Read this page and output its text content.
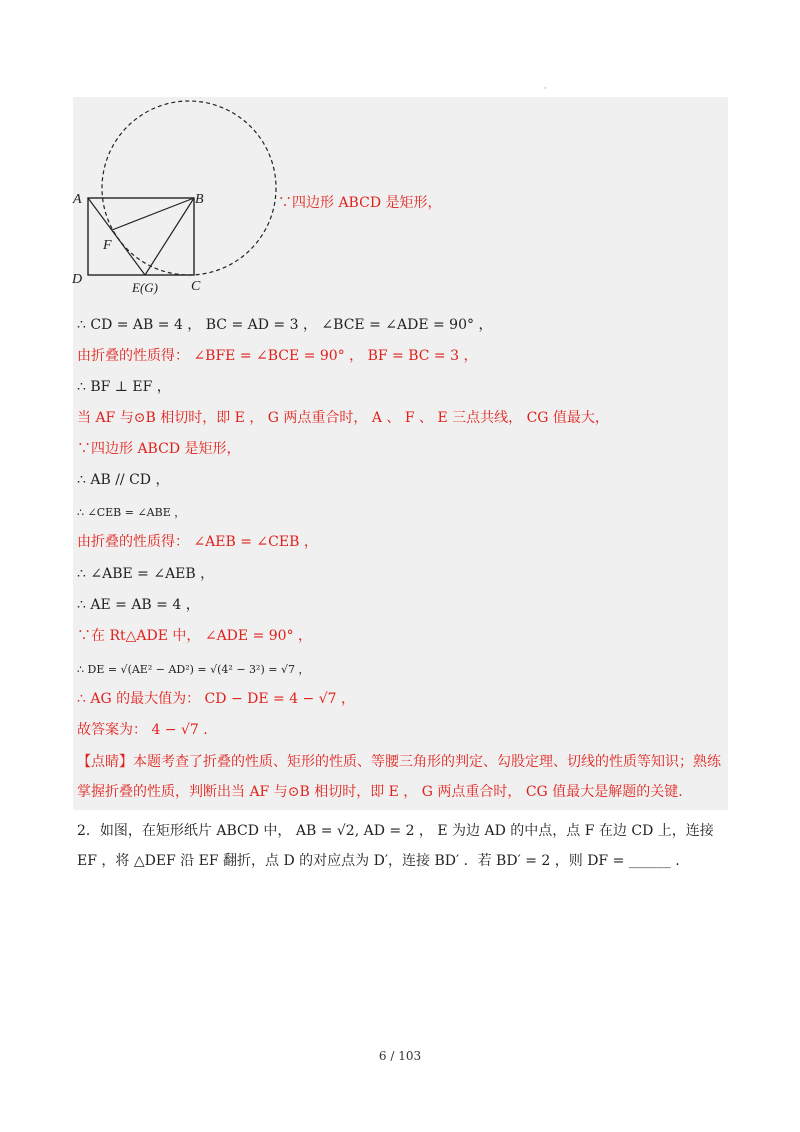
·
A	B
D	C
F
E(G)
∵四边形 ABCD 是矩形，
∴ CD = AB = 4 ， BC = AD = 3 ， ∠BCE = ∠ADE = 90° ，
由折叠的性质得： ∠BFE = ∠BCE = 90° ， BF = BC = 3 ，
∴ BF ⊥ EF ，
当 AF 与⊙B 相切时，即 E ， G 两点重合时， A 、 F 、 E 三点共线， CG 值最大，
∵四边形 ABCD 是矩形，
∴ AB // CD ，
∴ ∠CEB = ∠ABE ，
由折叠的性质得： ∠AEB = ∠CEB ，
∴ ∠ABE = ∠AEB ，
∴ AE = AB = 4 ，
∵在 Rt△ADE 中， ∠ADE = 90° ，
∴ DE = √(AE² − AD²) = √(4² − 3²) = √7 ，
∴ AG 的最大值为： CD − DE = 4 − √7 ，
故答案为： 4 − √7 .
【点睛】本题考查了折叠的性质、矩形的性质、等腰三角形的判定、勾股定理、切线的性质等知识；熟练掌握折叠的性质，判断出当 AF 与⊙B 相切时，即 E ， G 两点重合时， CG 值最大是解题的关键.
2．如图，在矩形纸片 ABCD 中， AB = √2, AD = 2 ， E 为边 AD 的中点，点 F 在边 CD 上，连接 EF ，将 △DEF 沿 EF 翻折，点 D 的对应点为 D′，连接 BD′ ．若 BD′ = 2 ，则 DF = ______ .
6 / 103
